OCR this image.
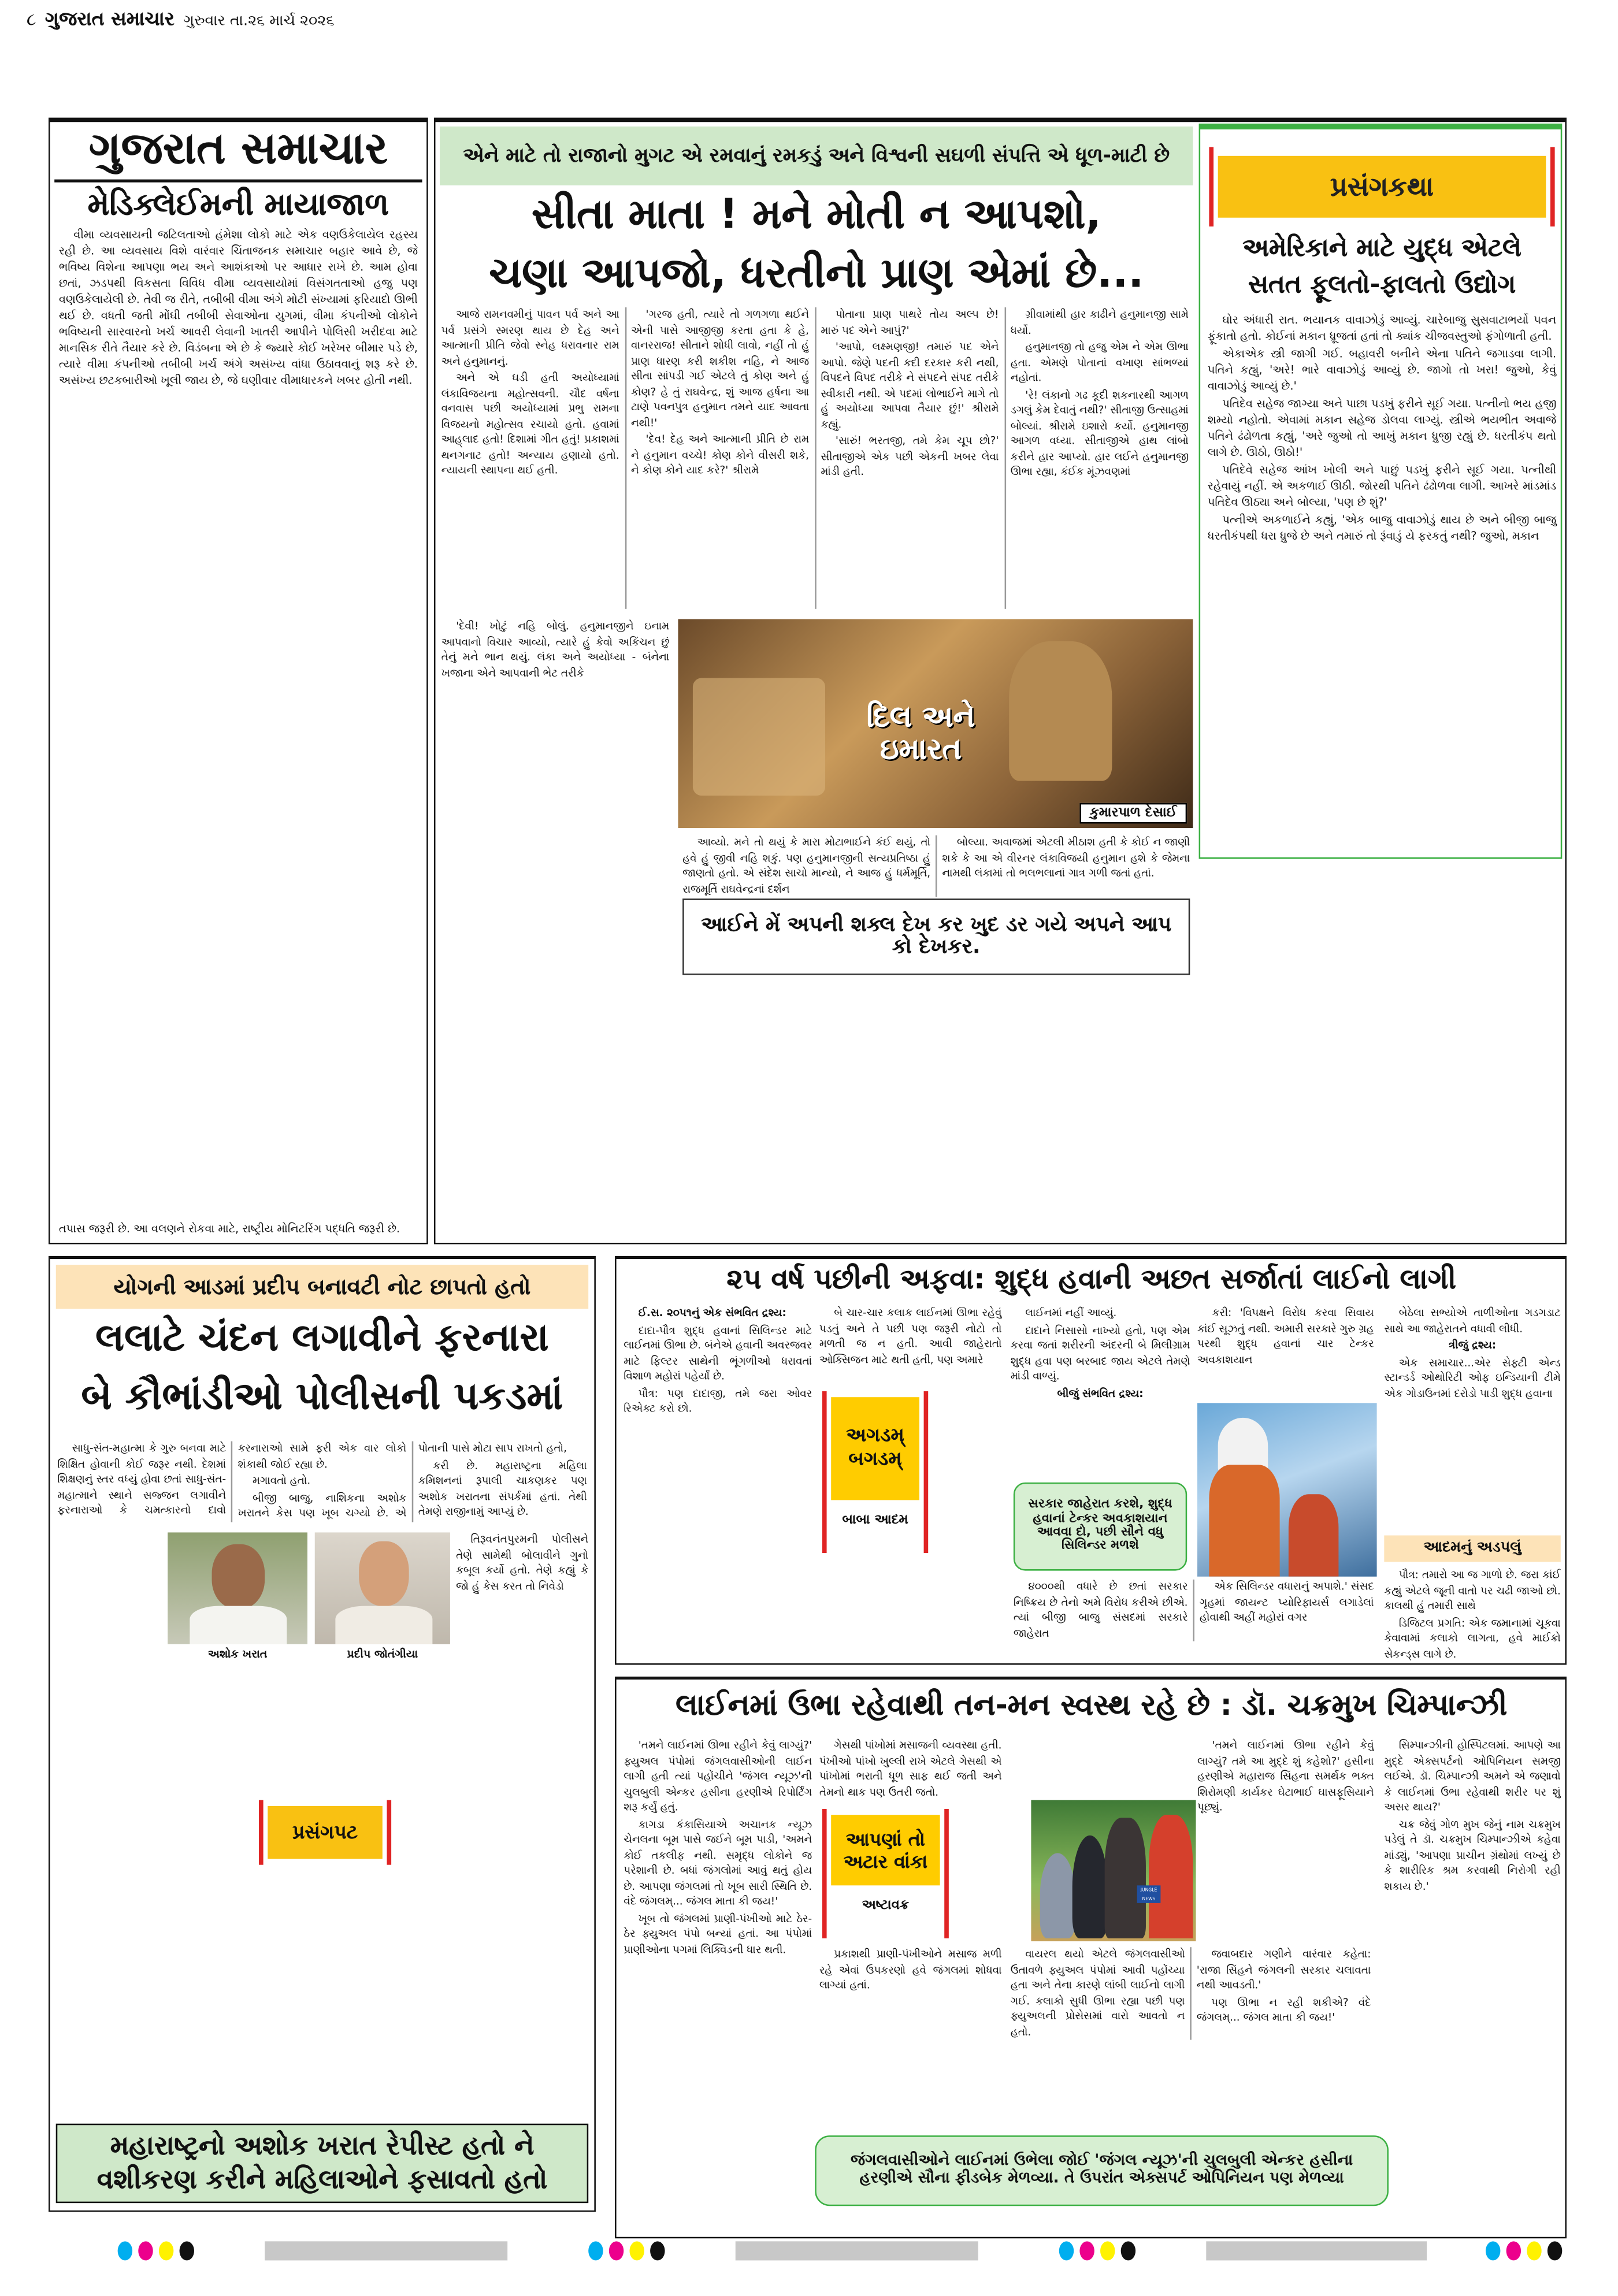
૮ ગુજરાત સમાચાર ગુરુવાર તા.૨૬ માર્ચ ૨૦૨૬
ગુજરાત સમાચાર
મેડિક્લેઈમની માયાજાળ

વીમા વ્યવસાયની જટિલતાઓ હંમેશા લોકો માટે એક વણઉકેલાયેલ રહસ્ય રહી છે. આ વ્યવસાય વિશે વારંવાર ચિંતાજનક સમાચાર બહાર આવે છે, જે ભવિષ્ય વિશેના આપણા ભય અને આશંકાઓ પર આધાર રાખે છે. આમ હોવા છતાં, ઝડપથી વિકસતા વિવિધ વીમા વ્યવસાયોમાં વિસંગતતાઓ હજુ પણ વણઉકેલાયેલી છે. તેવી જ રીતે, તબીબી વીમા અંગે મોટી સંખ્યામાં ફરિયાદો ઊભી થઈ છે. વધતી જતી મોંઘી તબીબી સેવાઓના યુગમાં, વીમા કંપનીઓ લોકોને ભવિષ્યની સારવારનો ખર્ચ આવરી લેવાની ખાતરી આપીને પોલિસી ખરીદવા માટે માનસિક રીતે તૈયાર કરે છે. વિડંબના એ છે કે જ્યારે કોઈ ખરેખર બીમાર પડે છે, ત્યારે વીમા કંપનીઓ તબીબી ખર્ચ અંગે અસંખ્ય વાંધા ઉઠાવવાનું શરૂ કરે છે. અસંખ્ય છટકબારીઓ ખૂલી જાય છે, જે ઘણીવાર વીમાધારકને ખબર હોતી નથી.

તપાસ જરૂરી છે. આ વલણને રોકવા માટે, રાષ્ટ્રીય મોનિટરિંગ પદ્ધતિ જરૂરી છે.
એને માટે તો રાજાનો મુગટ એ રમવાનું રમકડું અને વિશ્વની સઘળી સંપત્તિ એ ધૂળ-માટી છે
સીતા માતા ! મને મોતી ન આપશો,
ચણા આપજો, ધરતીનો પ્રાણ એમાં છે...

આજે રામનવમીનું પાવન પર્વ અને આ પર્વ પ્રસંગે સ્મરણ થાય છે દેહ અને આત્માની પ્રીતિ જેવો સ્નેહ ધરાવનાર રામ અને હનુમાનનું.

અને એ ઘડી હતી અયોધ્યામાં લંકાવિજયના મહોત્સવની. ચૌદ વર્ષના વનવાસ પછી અયોધ્યામાં પ્રભુ રામના વિજયનો મહોત્સવ રચાયો હતો. હવામાં આહ્‌લાદ હતો! દિશામાં ગીત હતું! પ્રકાશમાં થનગનાટ હતો! અન્યાય હણાયો હતો. ન્યાયની સ્થાપના થઈ હતી.

'ગરજ હતી, ત્યારે તો ગળગળા થઈને એની પાસે આજીજી કરતા હતા કે હે, વાનરરાજ! સીતાને શોધી લાવો, નહીં તો હું પ્રાણ ધારણ કરી શકીશ નહિ, ને આજ સીતા સાંપડી ગઈ એટલે તું કોણ અને હું કોણ? હે તું રાઘવેન્દ્ર, શું આજ હર્ષના આ ટાણે પવનપુત્ર હનુમાન તમને યાદ આવતા નથી!'

'દેવ! દેહ અને આત્માની પ્રીતિ છે રામ ને હનુમાન વચ્ચે! કોણ કોને વીસરી શકે, ને કોણ કોને યાદ કરે?' શ્રીરામે

પોતાના પ્રાણ પાથરે તોય અલ્પ છે! મારું પદ એને આપું?'

'આપો, લક્ષ્મણજી! તમારું પદ એને આપો. જેણે પદની કદી દરકાર કરી નથી, વિપદને વિપદ તરીકે ને સંપદને સંપદ તરીકે સ્વીકારી નથી. એ પદમાં લોભાઈને માગે તો હું અયોધ્યા આપવા તૈયાર છું!' શ્રીરામે કહ્યું.

'સારું! ભરતજી, તમે કેમ ચૂપ છો?' સીતાજીએ એક પછી એકની ખબર લેવા માંડી હતી.

ગ્રીવામાંથી હાર કાઢીને હનુમાનજી સામે ધર્યો.

હનુમાનજી તો હજુ એમ ને એમ ઊભા હતા. એમણે પોતાનાં વખાણ સાંભળ્યાં નહોતાં.

'રે! લંકાનો ગઢ કૂદી શકનારથી આગળ ડગલું કેમ દેવાતું નથી?' સીતાજી ઉત્સાહમાં બોલ્યાં. શ્રીરામે ઇશારો કર્યો. હનુમાનજી આગળ વધ્યા. સીતાજીએ હાથ લાંબો કરીને હાર આપ્યો. હાર લઈને હનુમાનજી ઊભા રહ્યા, કંઈક મૂંઝવણમાં

દિલ અને ઇમારત
કુમારપાળ દેસાઈ

'દેવી! ખોટું નહિ બોલું. હનુમાનજીને ઇનામ આપવાનો વિચાર આવ્યો, ત્યારે હું કેવો અકિંચન છું તેનું મને ભાન થયું. લંકા અને અયોધ્યા - બંનેના ખજાના એને આપવાની ભેટ તરીકે

આવ્યો. મને તો થયું કે મારા મોટાભાઈને કંઈ થયું, તો હવે હું જીવી નહિ શકું. પણ હનુમાનજીની સત્યપ્રતિષ્ઠા હું જાણતો હતો. એ સંદેશ સાચો માન્યો, ને આજ હું ધર્મમૂર્તિ, રાજમૂર્તિ રાઘવેન્દ્રનાં દર્શન

બોલ્યા. અવાજમાં એટલી મીઠાશ હતી કે કોઈ ન જાણી શકે કે આ એ વીરનર લંકાવિજયી હનુમાન હશે કે જેમના નામથી લંકામાં તો ભલભલાનાં ગાત્ર ગળી જતાં હતાં.

આઈને મેં અપની શક્લ દેખ કર ખુદ ડર ગયે અપને આપ કો દેખકર.
પ્રસંગકથા
અમેરિકાને માટે યુદ્ધ એટલે
સતત ફૂલતો-ફાલતો ઉદ્યોગ

ઘોર અંધારી રાત. ભયાનક વાવાઝોડું આવ્યું. ચારેબાજુ સુસવાટાભર્યો પવન ફૂંકાતો હતો. કોઈનાં મકાન ધ્રૂજતાં હતાં તો ક્યાંક ચીજવસ્તુઓ ફંગોળાતી હતી.

એકાએક સ્ત્રી જાગી ગઈ. બહાવરી બનીને એના પતિને જગાડવા લાગી. પતિને કહ્યું, 'અરે! ભારે વાવાઝોડું આવ્યું છે. જાગો તો ખરા! જુઓ, કેવું વાવાઝોડું આવ્યું છે.'

પતિદેવ સહેજ જાગ્યા અને પાછા પડખું ફરીને સૂઈ ગયા. પત્નીનો ભય હજી શમ્યો નહોતો. એવામાં મકાન સહેજ ડોલવા લાગ્યું. સ્ત્રીએ ભયભીત અવાજે પતિને ઢંઢોળતા કહ્યું, 'અરે જુઓ તો આખું મકાન ધ્રુજી રહ્યું છે. ધરતીકંપ થતો લાગે છે. ઊઠો, ઊઠો!'

પતિદેવે સહેજ આંખ ખોલી અને પાછું પડખું ફરીને સૂઈ ગયા. પત્નીથી રહેવાયું નહીં. એ અકળાઈ ઊઠી. જોરથી પતિને ઢંઢોળવા લાગી. આખરે માંડમાંડ પતિદેવ ઊઠ્યા અને બોલ્યા, 'પણ છે શું?'

પત્નીએ અકળાઈને કહ્યું, 'એક બાજુ વાવાઝોડું થાય છે અને બીજી બાજુ ધરતીકંપથી ધરા ધ્રુજે છે અને તમારું તો રૂંવાડું યે ફરકતું નથી? જુઓ, મકાન

યોગની આડમાં પ્રદીપ બનાવટી નોટ છાપતો હતો
લલાટે ચંદન લગાવીને ફરનારા
બે કૌભાંડીઓ પોલીસની પકડમાં

સાધુ-સંત-મહાત્મા કે ગુરુ બનવા માટે શિક્ષિત હોવાની કોઈ જરૂર નથી. દેશમાં શિક્ષણનું સ્તર વધ્યું હોવા છતાં સાધુ-સંત-મહાત્માને સ્થાને સજ્જન લગાવીને ફરનારાઓ કે ચમત્કારનો દાવો કરનારાઓ સામે ફરી એક વાર લોકો શંકાથી જોઈ રહ્યા છે.

મગાવતો હતો.

બીજી બાજુ, નાશિકના અશોક ખરાતને કેસ પણ ખૂબ ચગ્યો છે. એ પોતાની પાસે મોટા સાપ રાખતો હતો,

કરી છે. મહારાષ્ટ્રના મહિલા કમિશનનાં રૂપાલી ચાકણકર પણ અશોક ખરાતના સંપર્કમાં હતાં. તેથી તેમણે રાજીનામું આપ્યું છે.

અશોક ખરાત	પ્રદીપ જોતંગીયા

તિરૂવનંતપુરમની પોલીસને તેણે સામેથી બોલાવીને ગુનો કબૂલ કર્યો હતો. તેણે કહ્યું કે જો હું કેસ કરત તો નિવેડો

પ્રસંગપટ
મહારાષ્ટ્રનો અશોક ખરાત રેપીસ્ટ હતો ને
વશીકરણ કરીને મહિલાઓને ફસાવતો હતો
૨૫ વર્ષ પછીની અફવા: શુદ્ધ હવાની અછત સર્જાતાં લાઈનો લાગી

ઈ.સ. ૨૦૫૧નું એક સંભવિત દ્રશ્ય:

દાદા-પૌત્ર શુદ્ધ હવાનાં સિલિન્ડર માટે લાઈનમાં ઊભા છે. બંનેએ હવાની અવરજવર માટે ફિલ્ટર સાથેની ભૂંગળીઓ ધરાવતાં વિશાળ મહોરાં પહેર્યાં છે.

પૌત્ર: પણ દાદાજી, તમે જરા ઓવર રિએક્ટ કરો છો.

બે ચાર-ચાર કલાક લાઈનમાં ઊભા રહેવું પડતું અને તે પછી પણ જરૂરી નોટો તો મળતી જ ન હતી. આવી જાહેરાતો ઓક્સિજન માટે થતી હતી, પણ અમારે

અગડમ્ બગડમ્
બાબા આદમ

લાઈનમાં નહીં આવ્યું.

દાદાને નિસાસો નાખ્યો હતો, પણ એમ કરવા જતાં શરીરની અંદરની બે મિલીગ્રામ શુદ્ધ હવા પણ બરબાદ જાય એટલે તેમણે માંડી વાળ્યું.

બીજું સંભવિત દ્રશ્ય:

સરકાર જાહેરાત કરશે, શુદ્ધ હવાનાં ટેન્કર અવકાશયાન આવવા દો, પછી સૌને વધુ સિલિન્ડર મળશે

૪૦૦૦થી વધારે છે છતાં સરકાર નિષ્ક્રિય છે તેનો અમે વિરોધ કરીએ છીએ. ત્યાં બીજી બાજુ સંસદમાં સરકારે જાહેરાત

એક સિલિન્ડર વધારાનું અપાશે.' સંસદ ગૃહમાં જાયન્ટ પ્યોરિફાયર્સ લગાડેલાં હોવાથી અહીં મહોરાં વગર

કરી: 'વિપક્ષને વિરોધ કરવા સિવાય કાંઈ સૂઝતું નથી. અમારી સરકારે ગુરુ ગ્રહ પરથી શુદ્ધ હવાનાં ચાર ટેન્કર અવકાશયાન

બેઠેલા સભ્યોએ તાળીઓના ગડગડાટ સાથે આ જાહેરાતને વધાવી લીધી.

ત્રીજું દ્રશ્ય:

એક સમાચાર...એર સેફ્ટી એન્ડ સ્ટાન્ડર્ડ ઓથોરિટી ઓફ ઇન્ડિયાની ટીમે એક ગોડાઉનમાં દરોડો પાડી શુદ્ધ હવાના

આદમનું અડપલું

પૌત્ર: તમારો આ જ ગાળો છે. જરા કાંઈ કહ્યું એટલે જૂની વાતો પર ચઢી જાઓ છો. કાલથી હું તમારી સાથે

ડિજિટલ પ્રગતિ: એક જમાનામાં ચૂકવા કેવાવામાં કલાકો લાગતા, હવે માઈક્રો સેકન્ડ્સ લાગે છે.

લાઈનમાં ઉભા રહેવાથી તન-મન સ્વસ્થ રહે છે : ડૉ. ચક્રમુખ ચિમ્પાન્ઝી

'તમને લાઈનમાં ઊભા રહીને કેવું લાગ્યું?' ફ્યુઅલ પંપોમાં જંગલવાસીઓની લાઈન લાગી હતી ત્યાં પહોંચીને 'જંગલ ન્યૂઝ'ની ચુલબુલી એન્કર હસીના હરણીએ રિપોર્ટિંગ શરૂ કર્યું હતું.

કાગડા કંકાસિયાએ અચાનક ન્યૂઝ ચેનલના બૂમ પાસે જઈને બૂમ પાડી, 'અમને કોઈ તકલીફ નથી. સમૃદ્ધ લોકોને જ પરેશાની છે. બધાં જંગલોમાં આવું થતું હોય છે. આપણા જંગલમાં તો ખૂબ સારી સ્થિતિ છે. વંદે જંગલમ્... જંગલ માતા કી જય!'

ખૂબ તો જંગલમાં પ્રાણી-પંખીઓ માટે ઠેર-ઠેર ફ્યુઅલ પંપો બન્યાં હતાં. આ પંપોમાં પ્રાણીઓના પગમાં લિક્વિડની ધાર થતી.

ગેસથી પાંખોમાં મસાજની વ્યવસ્થા હતી. પંખીઓ પાંખો ખુલ્લી રાખે એટલે ગેસથી એ પાંખોમાં ભરાતી ધૂળ સાફ થઈ જતી અને તેમનો થાક પણ ઉતરી જતો.

આપણાં તો અટાર વાંકા
અષ્ટાવક્ર

પ્રકાશથી પ્રાણી-પંખીઓને મસાજ મળી રહે એવાં ઉપકરણો હવે જંગલમાં શોધવા લાગ્યાં હતાં.

JUNGLE NEWS

વાયરલ થયો એટલે જંગલવાસીઓ ઉતાવળે ફ્યુઅલ પંપોમાં આવી પહોંચ્યા હતા અને તેના કારણે લાંબી લાઈનો લાગી ગઈ. કલાકો સુધી ઊભા રહ્યા પછી પણ ફ્યુઅલની પ્રોસેસમાં વારો આવતો ન હતો.

જવાબદાર ગણીને વારંવાર કહેતા: 'રાજા સિંહને જંગલની સરકાર ચલાવતા નથી આવડતી.'

પણ ઊભા ન રહી શકીએ? વંદે જંગલમ્... જંગલ માતા કી જય!'

'તમને લાઈનમાં ઊભા રહીને કેવું લાગ્યું? તમે આ મુદ્દે શું કહેશો?' હસીના હરણીએ મહારાજ સિંહના સમર્થક ભક્ત શિરોમણી કાર્યકર ઘેટાભાઈ ઘાસફૂસિયાને પૂછ્યું.

સિમ્પાન્ઝીની હોસ્પિટલમાં. આપણે આ મુદ્દે એક્સપર્ટનો ઓપિનિયન સમજી લઈએ. ડૉ. ચિમ્પાન્ઝી અમને એ જણાવો કે લાઈનમાં ઉભા રહેવાથી શરીર પર શું અસર થાય?'

ચક્ર જેવું ગોળ મુખ જેનું નામ ચક્રમુખ પડેલું તે ડૉ. ચક્રમુખ ચિમ્પાન્ઝીએ કહેવા માંડ્યું, 'આપણા પ્રાચીન ગ્રંથોમાં લખ્યું છે કે શારીરિક શ્રમ કરવાથી નિરોગી રહી શકાય છે.'

જંગલવાસીઓને લાઈનમાં ઉભેલા જોઈ 'જંગલ ન્યૂઝ'ની ચુલબુલી એન્કર હસીના હરણીએ સૌના ફીડબેક મેળવ્યા. તે ઉપરાંત એક્સપર્ટ ઓપિનિયન પણ મેળવ્યા
